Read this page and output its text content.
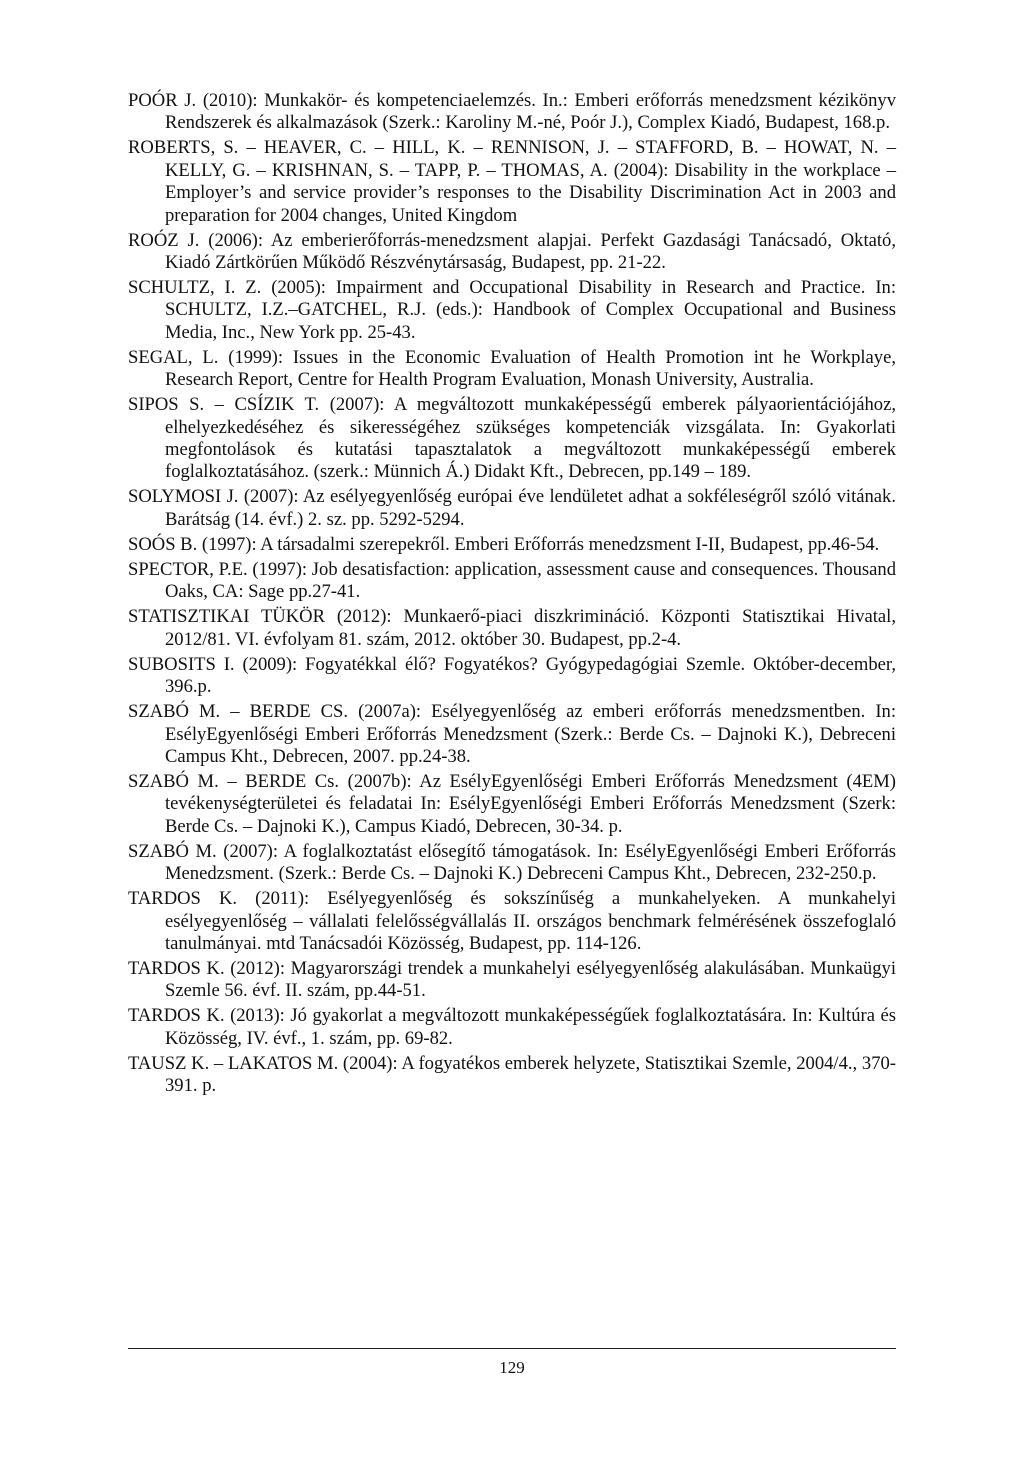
POÓR J. (2010): Munkakör- és kompetenciaelemzés. In.: Emberi erőforrás menedzsment kézikönyv Rendszerek és alkalmazások (Szerk.: Karoliny M.-né, Poór J.), Complex Kiadó, Budapest, 168.p.
ROBERTS, S. – HEAVER, C. – HILL, K. – RENNISON, J. – STAFFORD, B. – HOWAT, N. – KELLY, G. – KRISHNAN, S. – TAPP, P. – THOMAS, A. (2004): Disability in the workplace – Employer’s and service provider’s responses to the Disability Discrimination Act in 2003 and preparation for 2004 changes, United Kingdom
ROÓZ J. (2006): Az emberierőforrás-menedzsment alapjai. Perfekt Gazdasági Tanácsadó, Oktató, Kiadó Zártkörűen Működő Részvénytársaság, Budapest, pp. 21-22.
SCHULTZ, I. Z. (2005): Impairment and Occupational Disability in Research and Practice. In: SCHULTZ, I.Z.–GATCHEL, R.J. (eds.): Handbook of Complex Occupational and Business Media, Inc., New York pp. 25-43.
SEGAL, L. (1999): Issues in the Economic Evaluation of Health Promotion int he Workplaye, Research Report, Centre for Health Program Evaluation, Monash University, Australia.
SIPOS S. – CSÍZIK T. (2007): A megváltozott munkaképességű emberek pályaorientációjához, elhelyezkedéséhez és sikerességéhez szükséges kompetenciák vizsgálata. In: Gyakorlati megfontolások és kutatási tapasztalatok a megváltozott munkaképességű emberek foglalkoztatásához. (szerk.: Münnich Á.) Didakt Kft., Debrecen, pp.149 – 189.
SOLYMOSI J. (2007): Az esélyegyenlőség európai éve lendületet adhat a sokféleségről szóló vitának. Barátság (14. évf.) 2. sz. pp. 5292-5294.
SOÓS B. (1997): A társadalmi szerepekről. Emberi Erőforrás menedzsment I-II, Budapest, pp.46-54.
SPECTOR, P.E. (1997): Job desatisfaction: application, assessment cause and consequences. Thousand Oaks, CA: Sage pp.27-41.
STATISZTIKAI TÜKÖR (2012): Munkaerő-piaci diszkrimináció. Központi Statisztikai Hivatal, 2012/81. VI. évfolyam 81. szám, 2012. október 30. Budapest, pp.2-4.
SUBOSITS I. (2009): Fogyatékkal élő? Fogyatékos? Gyógypedagógiai Szemle. Október-december, 396.p.
SZABÓ M. – BERDE CS. (2007a): Esélyegyenlőség az emberi erőforrás menedzsmentben. In: EsélyEgyenlőségi Emberi Erőforrás Menedzsment (Szerk.: Berde Cs. – Dajnoki K.), Debreceni Campus Kht., Debrecen, 2007. pp.24-38.
SZABÓ M. – BERDE Cs. (2007b): Az EsélyEgyenlőségi Emberi Erőforrás Menedzsment (4EM) tevékenységterületei és feladatai In: EsélyEgyenlőségi Emberi Erőforrás Menedzsment (Szerk: Berde Cs. – Dajnoki K.), Campus Kiadó, Debrecen, 30-34. p.
SZABÓ M. (2007): A foglalkoztatást elősegítő támogatások. In: EsélyEgyenlőségi Emberi Erőforrás Menedzsment. (Szerk.: Berde Cs. – Dajnoki K.) Debreceni Campus Kht., Debrecen, 232-250.p.
TARDOS K. (2011): Esélyegyenlőség és sokszínűség a munkahelyeken. A munkahelyi esélyegyenlőség – vállalati felelősségvállalás II. országos benchmark felmérésének összefoglaló tanulmányai. mtd Tanácsadói Közösség, Budapest, pp. 114-126.
TARDOS K. (2012): Magyarországi trendek a munkahelyi esélyegyenlőség alakulásában. Munkaügyi Szemle 56. évf. II. szám, pp.44-51.
TARDOS K. (2013): Jó gyakorlat a megváltozott munkaképességűek foglalkoztatására. In: Kultúra és Közösség, IV. évf., 1. szám, pp. 69-82.
TAUSZ K. – LAKATOS M. (2004): A fogyatékos emberek helyzete, Statisztikai Szemle, 2004/4., 370-391. p.
129
